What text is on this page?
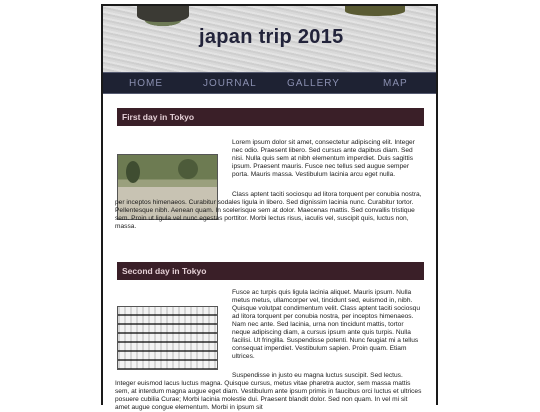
japan trip 2015
HOME	JOURNAL	GALLERY	MAP
First day in Tokyo
Lorem ipsum dolor sit amet, consectetur adipiscing elit. Integer nec odio. Praesent libero. Sed cursus ante dapibus diam. Sed nisi. Nulla quis sem at nibh elementum imperdiet. Duis sagittis ipsum. Praesent mauris. Fusce nec tellus sed augue semper porta. Mauris massa. Vestibulum lacinia arcu eget nulla.
Class aptent taciti sociosqu ad litora torquent per conubia nostra, per inceptos himenaeos. Curabitur sodales ligula in libero. Sed dignissim lacinia nunc. Curabitur tortor. Pellentesque nibh. Aenean quam. In scelerisque sem at dolor. Maecenas mattis. Sed convallis tristique sem. Proin ut ligula vel nunc egestas porttitor. Morbi lectus risus, iaculis vel, suscipit quis, luctus non, massa.
Second day in Tokyo
Fusce ac turpis quis ligula lacinia aliquet. Mauris ipsum. Nulla metus metus, ullamcorper vel, tincidunt sed, euismod in, nibh. Quisque volutpat condimentum velit. Class aptent taciti sociosqu ad litora torquent per conubia nostra, per inceptos himenaeos. Nam nec ante. Sed lacinia, urna non tincidunt mattis, tortor neque adipiscing diam, a cursus ipsum ante quis turpis. Nulla facilisi. Ut fringilla. Suspendisse potenti. Nunc feugiat mi a tellus consequat imperdiet. Vestibulum sapien. Proin quam. Etiam ultrices.
Suspendisse in justo eu magna luctus suscipit. Sed lectus. Integer euismod lacus luctus magna. Quisque cursus, metus vitae pharetra auctor, sem massa mattis sem, at interdum magna augue eget diam. Vestibulum ante ipsum primis in faucibus orci luctus et ultrices posuere cubilia Curae; Morbi lacinia molestie dui. Praesent blandit dolor. Sed non quam. In vel mi sit amet augue congue elementum. Morbi in ipsum sit
